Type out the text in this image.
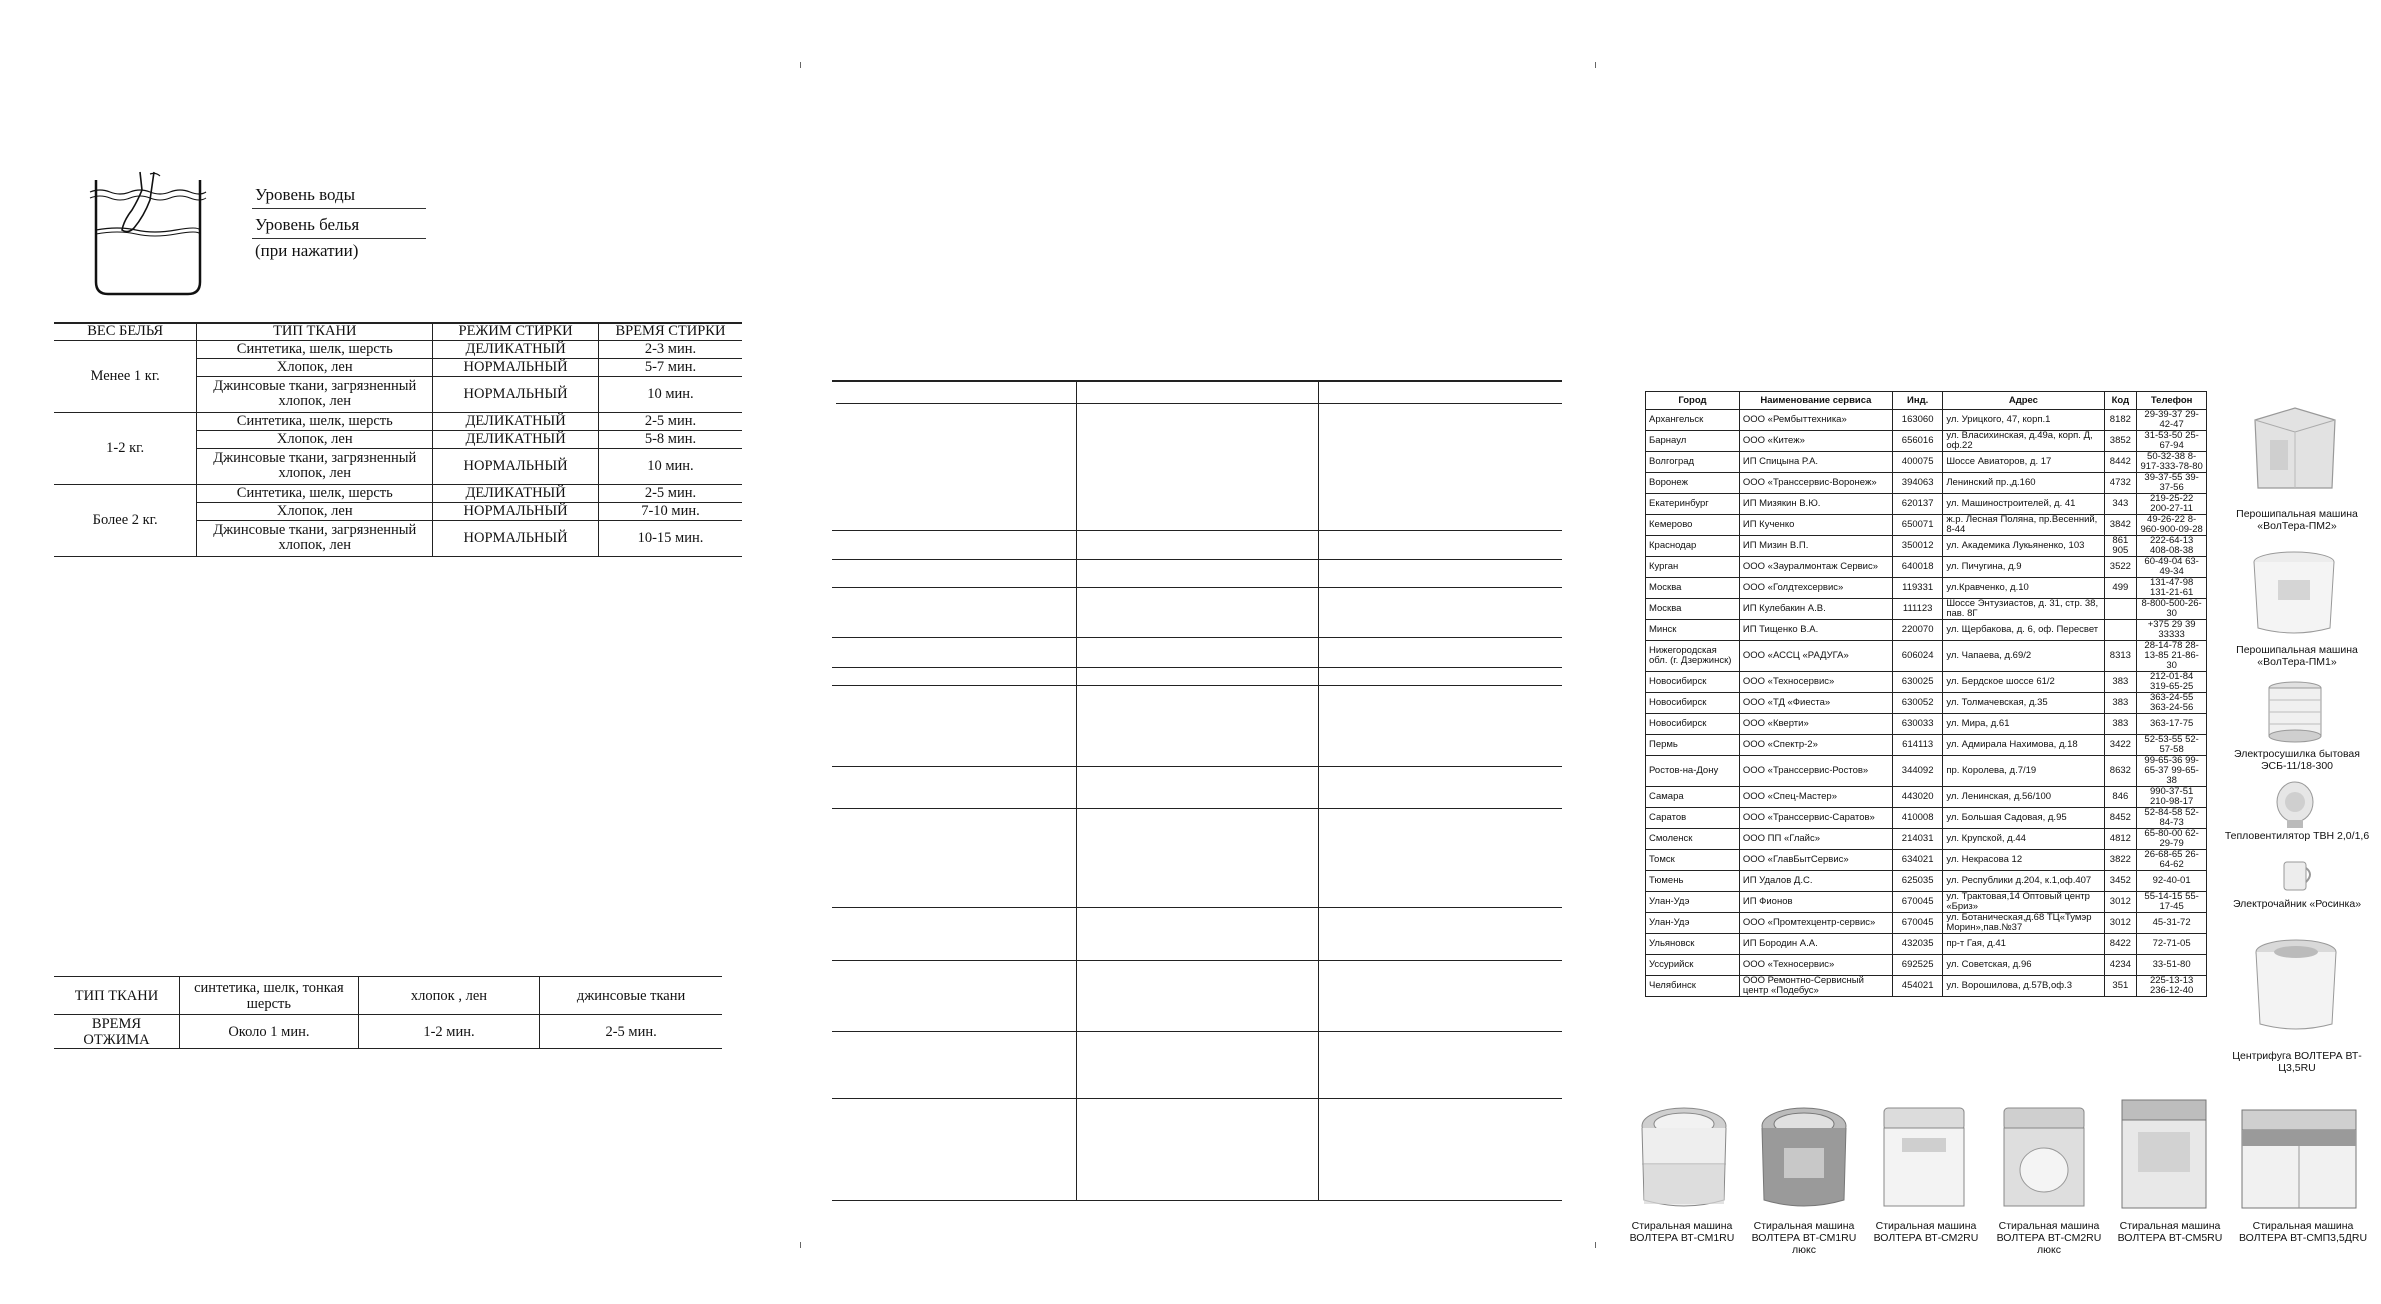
Уровень воды
Уровень белья
(при нажатии)
ВЕС БЕЛЬЯ	ТИП ТКАНИ	РЕЖИМ СТИРКИ	ВРЕМЯ СТИРКИ
Менее 1 кг.	Синтетика, шелк, шерсть	ДЕЛИКАТНЫЙ	2-3 мин.
	Хлопок, лен	НОРМАЛЬНЫЙ	5-7 мин.
	Джинсовые ткани, загрязненный хлопок, лен	НОРМАЛЬНЫЙ	10 мин.
1-2 кг.	Синтетика, шелк, шерсть	ДЕЛИКАТНЫЙ	2-5 мин.
	Хлопок, лен	ДЕЛИКАТНЫЙ	5-8 мин.
	Джинсовые ткани, загрязненный хлопок, лен	НОРМАЛЬНЫЙ	10 мин.
Более 2 кг.	Синтетика, шелк, шерсть	ДЕЛИКАТНЫЙ	2-5 мин.
	Хлопок, лен	НОРМАЛЬНЫЙ	7-10 мин.
	Джинсовые ткани, загрязненный хлопок, лен	НОРМАЛЬНЫЙ	10-15 мин.
ТИП ТКАНИ	синтетика, шелк, тонкая шерсть	хлопок , лен	джинсовые ткани
ВРЕМЯ ОТЖИМА	Около 1 мин.	1-2 мин.	2-5 мин.
Город	Наименование сервиса	Инд.	Адрес	Код	Телефон
Архангельск	ООО «Рембыттехника»	163060	ул. Урицкого, 47, корп.1	8182	29-39-37 29-42-47
Барнаул	ООО «Китеж»	656016	ул. Власихинская, д.49а, корп. Д, оф.22	3852	31-53-50 25-67-94
Волгоград	ИП Спицына Р.А.	400075	Шоссе Авиаторов, д. 17	8442	50-32-38 8-917-333-78-80
Воронеж	ООО «Транссервис-Воронеж»	394063	Ленинский пр.,д.160	4732	39-37-55 39-37-56
Екатеринбург	ИП Мизякин В.Ю.	620137	ул. Машиностроителей, д. 41	343	219-25-22 200-27-11
Кемерово	ИП Кученко	650071	ж.р. Лесная Поляна, пр.Весенний, 8-44	3842	49-26-22 8-960-900-09-28
Краснодар	ИП Мизин В.П.	350012	ул. Академика Лукьяненко, 103	861 905	222-64-13 408-08-38
Курган	ООО «Зауралмонтаж Сервис»	640018	ул. Пичугина, д.9	3522	60-49-04 63-49-34
Москва	ООО «Голдтехсервис»	119331	ул.Кравченко, д.10	499	131-47-98 131-21-61
Москва	ИП Кулебакин А.В.	111123	Шоссе Энтузиастов, д. 31, стр. 38, пав. 8Г		8-800-500-26-30
Минск	ИП Тищенко В.А.	220070	ул. Щербакова, д. 6, оф. Пересвет		+375 29 39 33333
Нижегородская обл. (г. Дзержинск)	ООО «АССЦ «РАДУГА»	606024	ул. Чапаева, д.69/2	8313	28-14-78 28-13-85 21-86-30
Новосибирск	ООО «Техносервис»	630025	ул. Бердское шоссе 61/2	383	212-01-84 319-65-25
Новосибирск	ООО «ТД «Фиеста»	630052	ул. Толмачевская, д.35	383	363-24-55 363-24-56
Новосибирск	ООО «Кверти»	630033	ул. Мира, д.61	383	363-17-75
Пермь	ООО «Спектр-2»	614113	ул. Адмирала Нахимова, д.18	3422	52-53-55 52-57-58
Ростов-на-Дону	ООО «Транссервис-Ростов»	344092	пр. Королева, д.7/19	8632	99-65-36 99-65-37 99-65-38
Самара	ООО «Спец-Мастер»	443020	ул. Ленинская, д.56/100	846	990-37-51 210-98-17
Саратов	ООО «Транссервис-Саратов»	410008	ул. Большая Садовая, д.95	8452	52-84-58 52-84-73
Смоленск	ООО ПП «Глайс»	214031	ул. Крупской, д.44	4812	65-80-00 62-29-79
Томск	ООО «ГлавБытСервис»	634021	ул. Некрасова 12	3822	26-68-65 26-64-62
Тюмень	ИП Удалов Д.С.	625035	ул. Республики д.204, к.1,оф.407	3452	92-40-01
Улан-Удэ	ИП Фионов	670045	ул. Трактовая,14 Оптовый центр «Бриз»	3012	55-14-15 55-17-45
Улан-Удэ	ООО «Промтехцентр-сервис»	670045	ул. Ботаническая,д.68 ТЦ«Тумэр Морин»,пав.№37	3012	45-31-72
Ульяновск	ИП Бородин А.А.	432035	пр-т Гая, д.41	8422	72-71-05
Уссурийск	ООО «Техносервис»	692525	ул. Советская, д.96	4234	33-51-80
Челябинск	ООО Ремонтно-Сервисный центр «Подебус»	454021	ул. Ворошилова, д.57В,оф.3	351	225-13-13 236-12-40
Перошипальная машина «ВолТера-ПМ2»
Перошипальная машина «ВолТера-ПМ1»
Электросушилка бытовая ЭСБ-11/18-300
Тепловентилятор ТВН 2,0/1,6
Электрочайник «Росинка»
Центрифуга ВОЛТЕРА ВТ-Ц3,5RU
Стиральная машина
ВОЛТЕРА ВТ-СМ1RU
Стиральная машина
ВОЛТЕРА ВТ-СМ1RU люкс
Стиральная машина
ВОЛТЕРА ВТ-СМ2RU
Стиральная машина
ВОЛТЕРА ВТ-СМ2RU люкс
Стиральная машина
ВОЛТЕРА ВТ-СМ5RU
Стиральная машина
ВОЛТЕРА ВТ-СМП3,5ДRU
